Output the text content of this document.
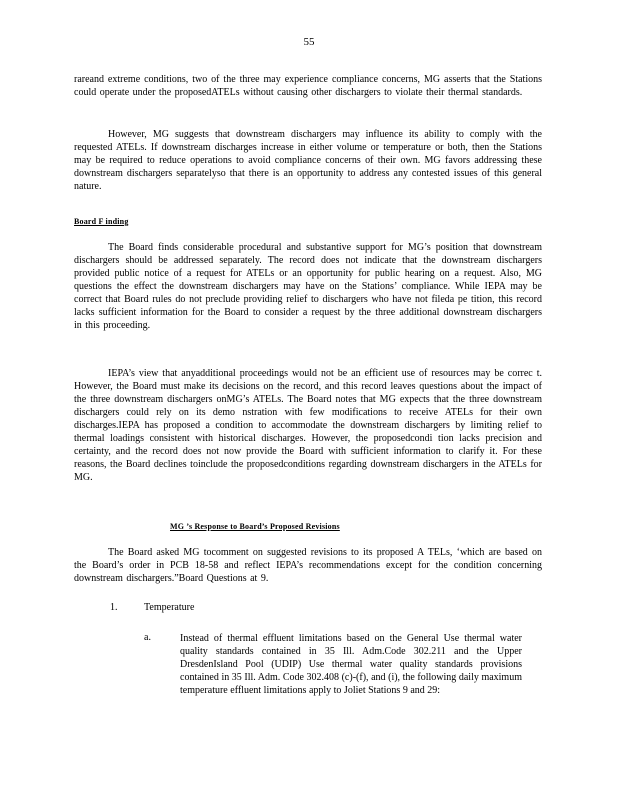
55

rareand extreme conditions, two of the three may experience compliance concerns, MG asserts that the Stations could operate under the proposedATELs without causing other dischargers to violate their thermal standards.

However, MG suggests that downstream dischargers may influence its ability to comply with the requested ATELs. If downstream discharges increase in either volume or temperature or both, then the Stations may be required to reduce operations to avoid compliance concerns of their own. MG favors addressing these downstream dischargers separatelyso that there is an opportunity to address any contested issues of this general nature.

Board F inding

The Board finds considerable procedural and substantive support for MG’s position that downstream dischargers should be addressed separately. The record does not indicate that the downstream dischargers provided public notice of a request for ATELs or an opportunity for public hearing on a request. Also, MG questions the effect the downstream dischargers may have on the Stations’ compliance. While IEPA may be correct that Board rules do not preclude providing relief to dischargers who have not fileda pe tition, this record lacks sufficient information for the Board to consider a request by the three additional downstream dischargers in this proceeding.

IEPA’s view that anyadditional proceedings would not be an efficient use of resources may be correc t. However, the Board must make its decisions on the record, and this record leaves questions about the impact of the three downstream dischargers onMG’s ATELs. The Board notes that MG expects that the three downstream dischargers could rely on its demo nstration with few modifications to receive ATELs for their own discharges.IEPA has proposed a condition to accommodate the downstream dischargers by limiting relief to thermal loadings consistent with historical discharges. However, the proposedcondi tion lacks precision and certainty, and the record does not now provide the Board with sufficient information to clarify it. For these reasons, the Board declines toinclude the proposedconditions regarding downstream dischargers in the ATELs for MG.

MG ’s Response to Board’s Proposed Revisions

The Board asked MG tocomment on suggested revisions to its proposed A TELs, ‘which are based on the Board’s order in PCB 18-58 and reflect IEPA’s recommendations except for the condition concerning downstream dischargers.”Board Questions at 9.

1.	Temperature

a.	Instead of thermal effluent limitations based on the General Use thermal water quality standards contained in 35 Ill. Adm.Code 302.211 and the Upper DresdenIsland Pool (UDIP) Use thermal water quality standards provisions contained in 35 Ill. Adm. Code 302.408 (c)-(f), and (i), the following daily maximum temperature effluent limitations apply to Joliet Stations 9 and 29:
